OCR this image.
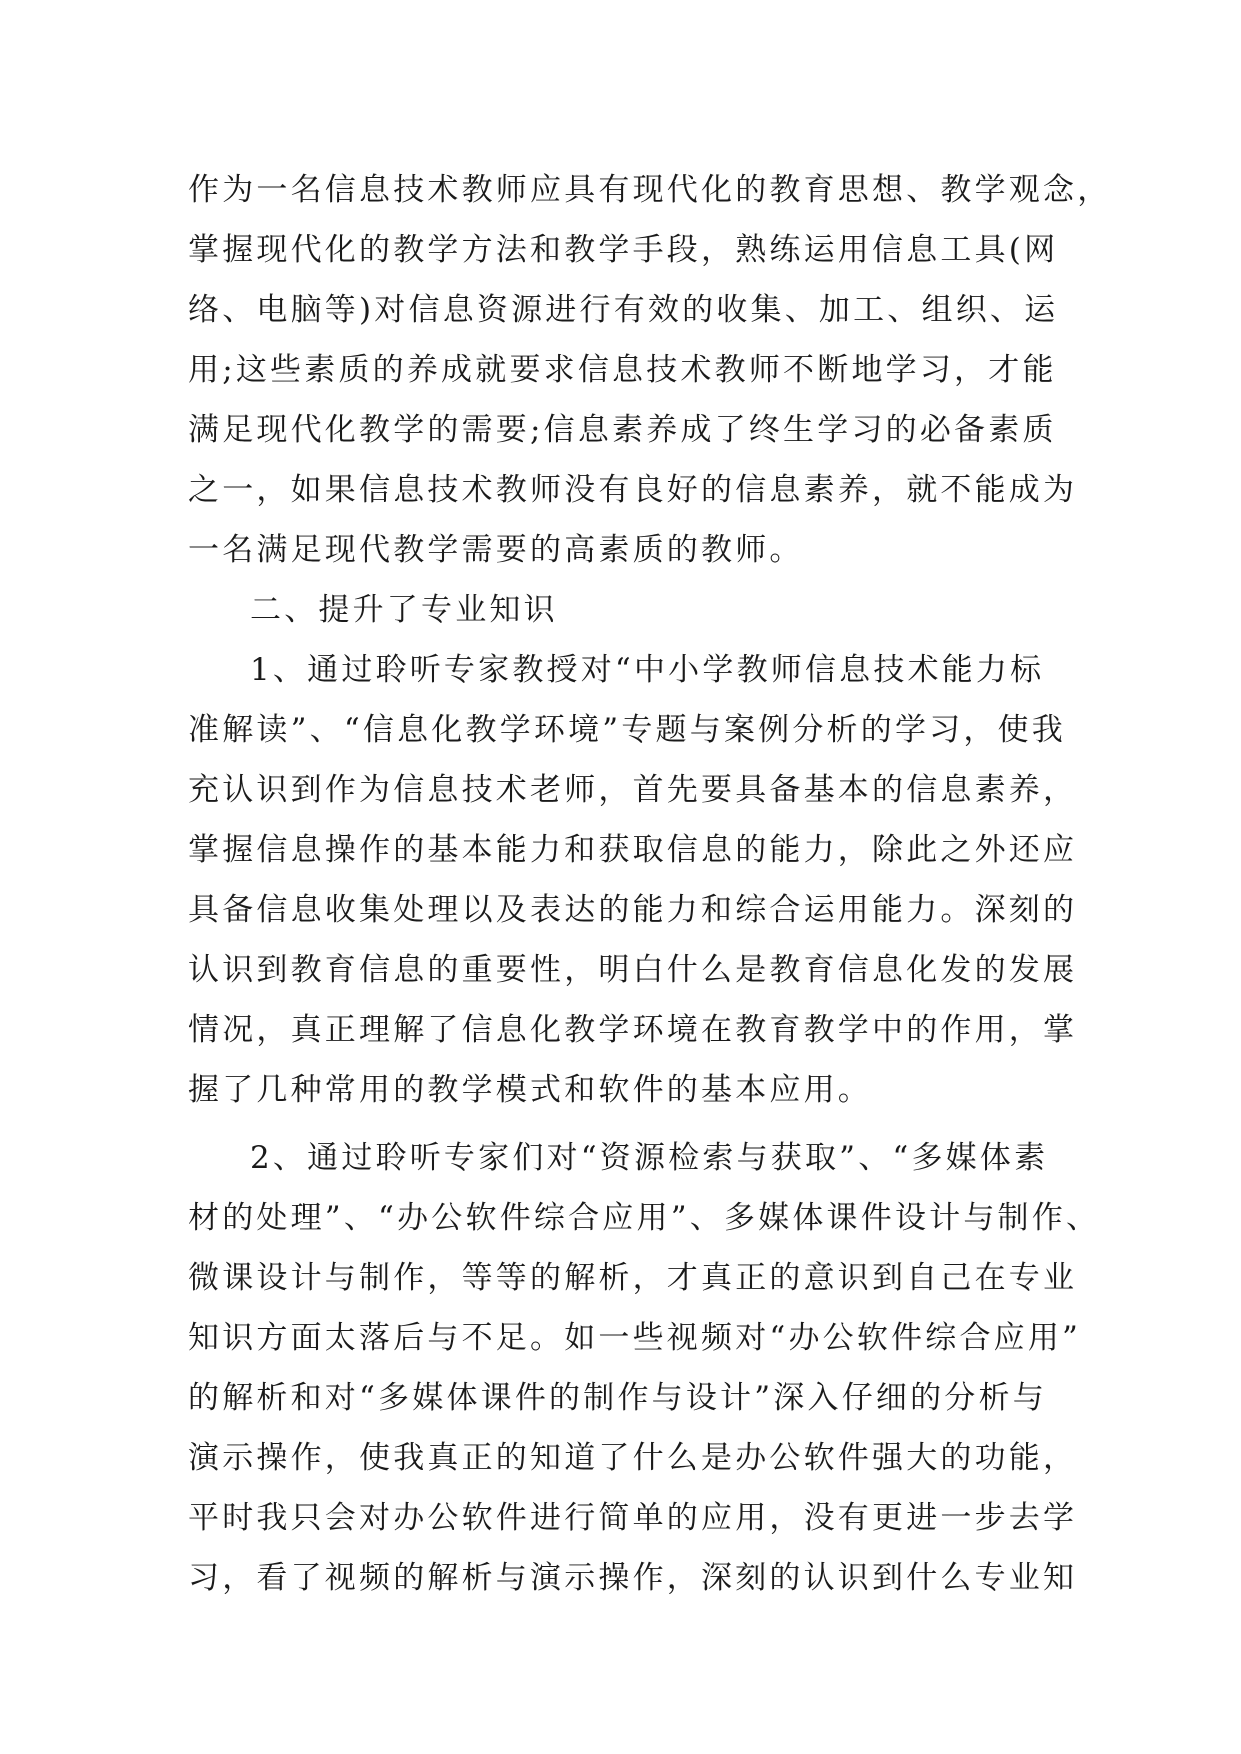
作为一名信息技术教师应具有现代化的教育思想、教学观念，
掌握现代化的教学方法和教学手段，熟练运用信息工具(网
络、电脑等)对信息资源进行有效的收集、加工、组织、运
用;这些素质的养成就要求信息技术教师不断地学习，才能
满足现代化教学的需要;信息素养成了终生学习的必备素质
之一，如果信息技术教师没有良好的信息素养，就不能成为
一名满足现代教学需要的高素质的教师。
二、提升了专业知识
1、通过聆听专家教授对“中小学教师信息技术能力标
准解读”、“信息化教学环境”专题与案例分析的学习，使我
充认识到作为信息技术老师，首先要具备基本的信息素养，
掌握信息操作的基本能力和获取信息的能力，除此之外还应
具备信息收集处理以及表达的能力和综合运用能力。深刻的
认识到教育信息的重要性，明白什么是教育信息化发的发展
情况，真正理解了信息化教学环境在教育教学中的作用，掌
握了几种常用的教学模式和软件的基本应用。
2、通过聆听专家们对“资源检索与获取”、“多媒体素
材的处理”、“办公软件综合应用”、多媒体课件设计与制作、
微课设计与制作，等等的解析，才真正的意识到自己在专业
知识方面太落后与不足。如一些视频对“办公软件综合应用”
的解析和对“多媒体课件的制作与设计”深入仔细的分析与
演示操作，使我真正的知道了什么是办公软件强大的功能，
平时我只会对办公软件进行简单的应用，没有更进一步去学
习，看了视频的解析与演示操作，深刻的认识到什么专业知
